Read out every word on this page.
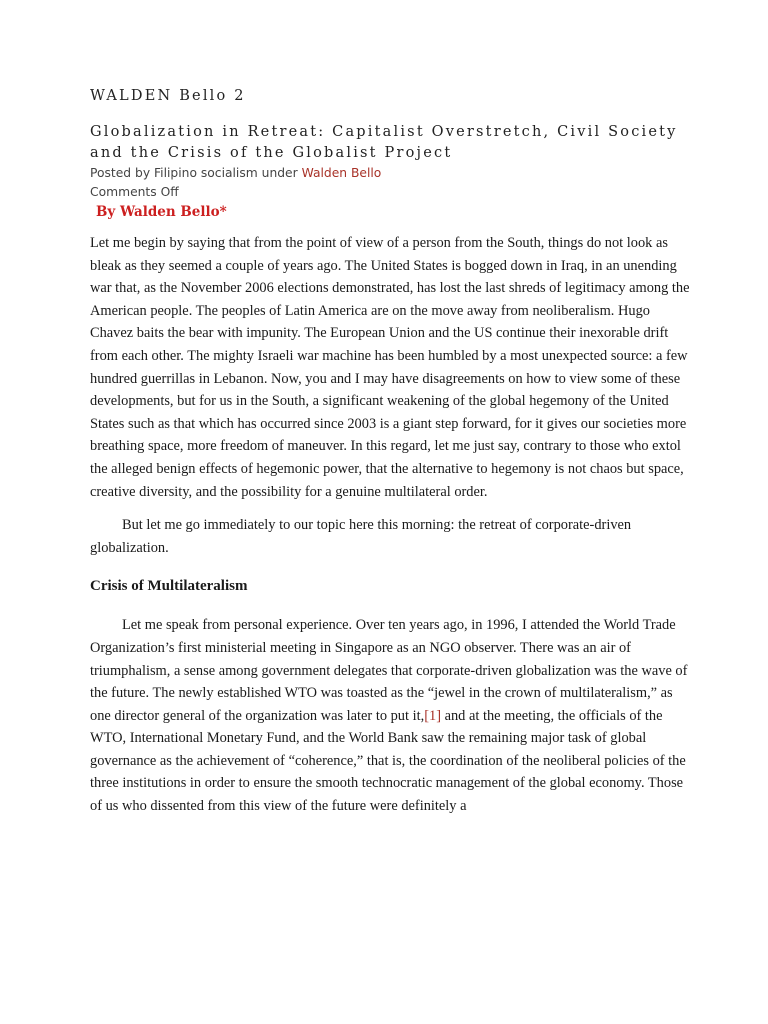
WALDEN Bello 2
Globalization in Retreat: Capitalist Overstretch, Civil Society and the Crisis of the Globalist Project

Posted by Filipino socialism under Walden Bello

Comments Off

By Walden Bello*

Let me begin by saying that from the point of view of a person from the South, things do not look as bleak as they seemed a couple of years ago. The United States is bogged down in Iraq, in an unending war that, as the November 2006 elections demonstrated, has lost the last shreds of legitimacy among the American people. The peoples of Latin America are on the move away from neoliberalism. Hugo Chavez baits the bear with impunity. The European Union and the US continue their inexorable drift from each other. The mighty Israeli war machine has been humbled by a most unexpected source: a few hundred guerrillas in Lebanon. Now, you and I may have disagreements on how to view some of these developments, but for us in the South, a significant weakening of the global hegemony of the United States such as that which has occurred since 2003 is a giant step forward, for it gives our societies more breathing space, more freedom of maneuver. In this regard, let me just say, contrary to those who extol the alleged benign effects of hegemonic power, that the alternative to hegemony is not chaos but space, creative diversity, and the possibility for a genuine multilateral order.

But let me go immediately to our topic here this morning: the retreat of corporate-driven globalization.

Crisis of Multilateralism

Let me speak from personal experience. Over ten years ago, in 1996, I attended the World Trade Organization’s first ministerial meeting in Singapore as an NGO observer. There was an air of triumphalism, a sense among government delegates that corporate-driven globalization was the wave of the future. The newly established WTO was toasted as the “jewel in the crown of multilateralism,” as one director general of the organization was later to put it,[1] and at the meeting, the officials of the WTO, International Monetary Fund, and the World Bank saw the remaining major task of global governance as the achievement of “coherence,” that is, the coordination of the neoliberal policies of the three institutions in order to ensure the smooth technocratic management of the global economy. Those of us who dissented from this view of the future were definitely a
